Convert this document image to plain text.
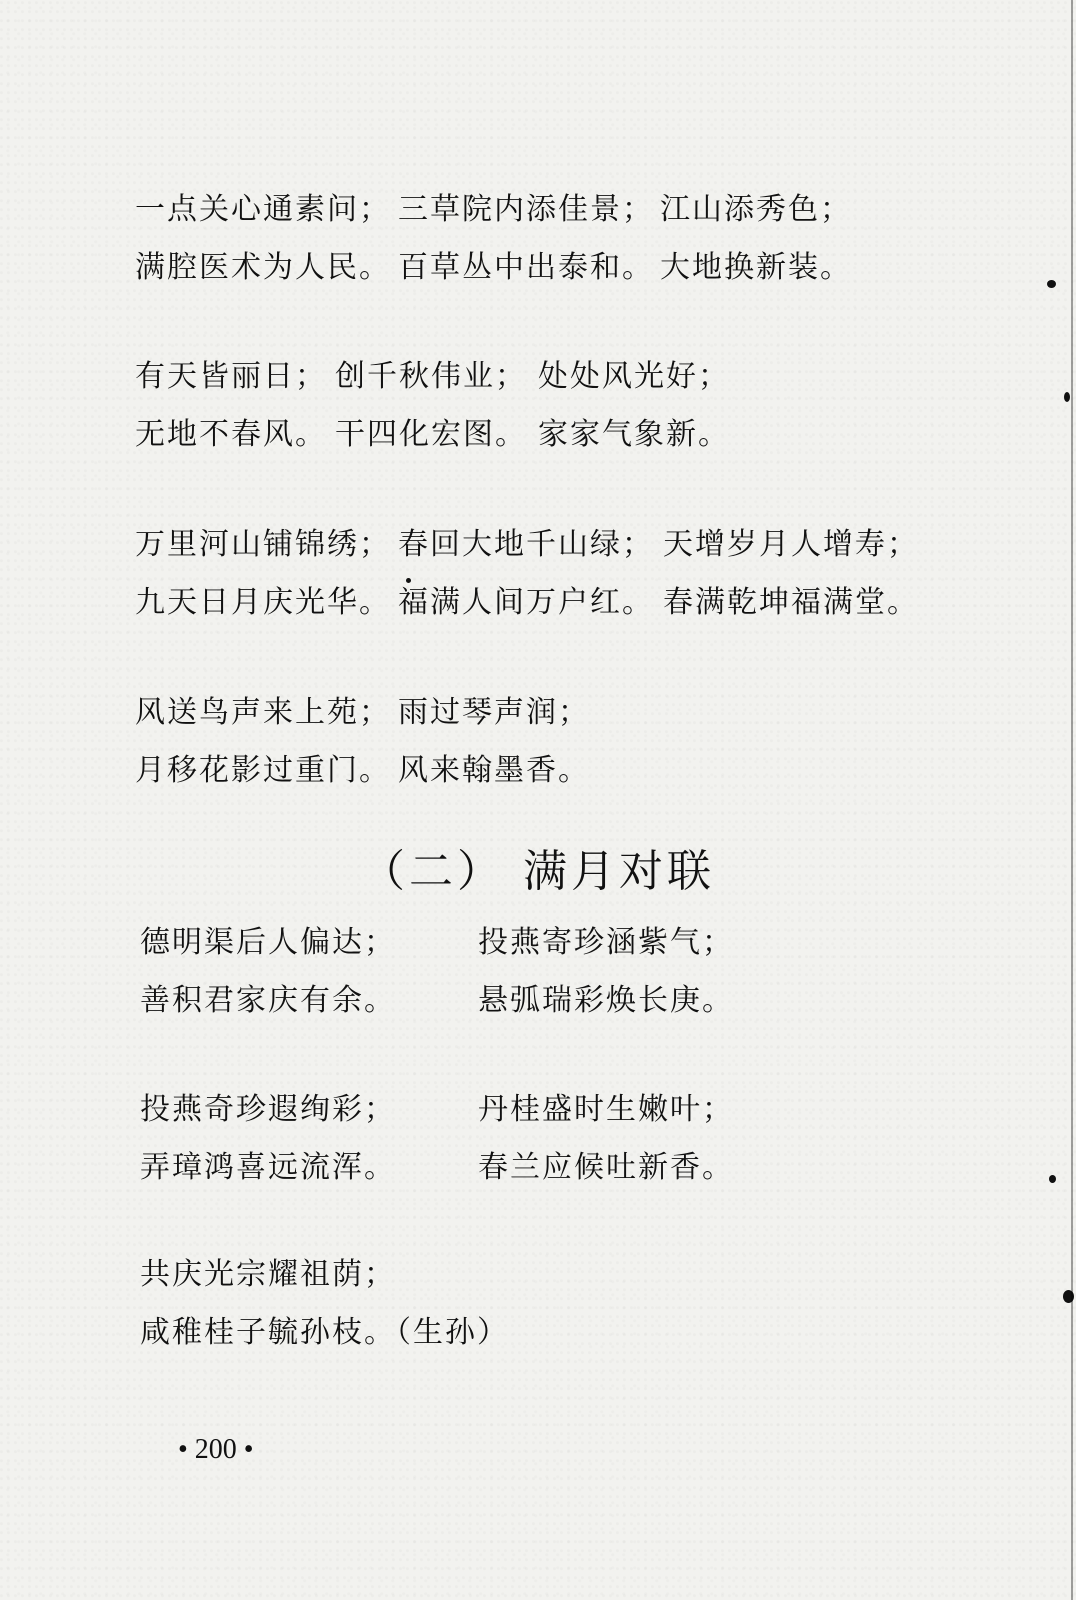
一点关心通素问；
满腔医术为人民。
三草院内添佳景；
百草丛中出泰和。
江山添秀色；
大地换新装。
有天皆丽日；
无地不春风。
创千秋伟业；
干四化宏图。
处处风光好；
家家气象新。
万里河山铺锦绣；
九天日月庆光华。
春回大地千山绿；
福满人间万户红。
天增岁月人增寿；
春满乾坤福满堂。
风送鸟声来上苑；
月移花影过重门。
雨过琴声润；
风来翰墨香。
（二） 满月对联
德明渠后人偏达；
善积君家庆有余。
投燕寄珍涵紫气；
悬弧瑞彩焕长庚。
投燕奇珍遐绚彩；
弄璋鸿喜远流浑。
丹桂盛时生嫩叶；
春兰应候吐新香。
共庆光宗耀祖荫；
咸稚桂子毓孙枝。（生孙）
• 200 •
